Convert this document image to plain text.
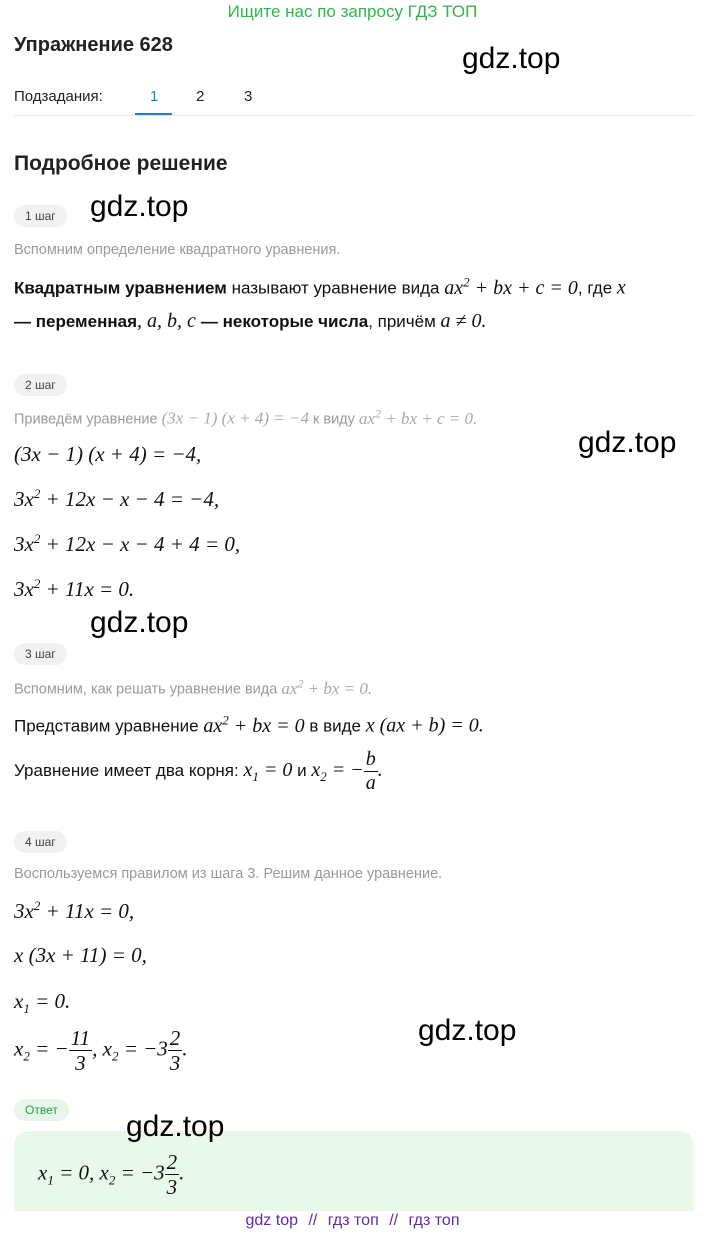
Ищите нас по запросу ГДЗ ТОП
Упражнение 628	gdz.top
Подзадания:	1	2	3
Подробное решение
1 шаг	gdz.top
Вспомним определение квадратного уравнения.
Квадратным уравнением называют уравнение вида $ax^2$ + bx + c = 0, где x
— переменная, a, b, c — некоторые числа, причём a ≠ 0.
2 шаг
Приведём уравнение (3x − 1) (x + 4) = −4 к виду $ax^2$ + bx + c = 0.
gdz.top
(3x − 1) (x + 4) = −4,
$3x^2 + 12x - x - 4 = -4$,
$3x^2 + 12x - x - 4 + 4 = 0$,
$3x^2 + 11x = 0$.
gdz.top
3 шаг
Вспомним, как решать уравнение вида $ax^2$ + bx = 0.
Представим уравнение $ax^2$ + bx = 0 в виде x (ax + b) = 0.
Уравнение имеет два корня: $x_1 = 0$ и $x_2$ = − $\frac{b}{a}$ .
4 шаг
Воспользуемся правилом из шага 3. Решим данное уравнение.
$3x^2 + 11x = 0$,
x (3x + 11) = 0,
$x_1 = 0$.
$x_2$ = − $\frac{11}{3}$ , $x_2 = -3 \frac{2}{3}$ .
gdz.top
Ответ	gdz.top
$x_1 = 0$, $x_2 = -3 \frac{2}{3}$ .
gdz top // гдз топ // гдз топ
